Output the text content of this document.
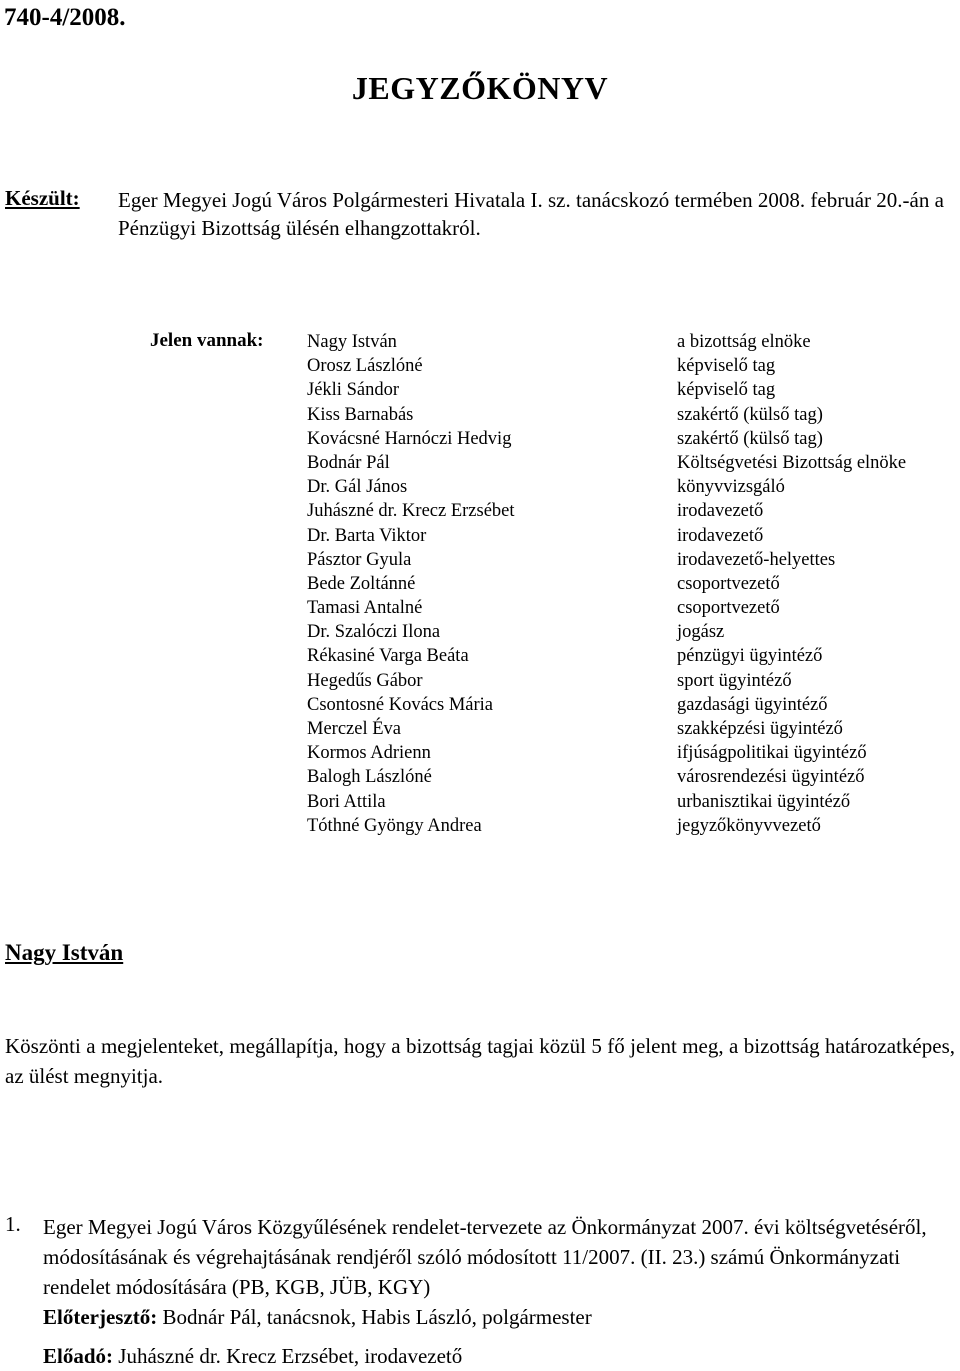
740-4/2008.
JEGYZŐKÖNYV
Készült: Eger Megyei Jogú Város Polgármesteri Hivatala I. sz. tanácskozó termében 2008. február 20.-án a Pénzügyi Bizottság ülésén elhangzottakról.
Jelen vannak: Nagy István
Orosz Lászlóné
Jékli Sándor
Kiss Barnabás
Kovácsné Harnóczi Hedvig
Bodnár Pál
Dr. Gál János
Juhászné dr. Krecz Erzsébet
Dr. Barta Viktor
Pásztor Gyula
Bede Zoltánné
Tamasi Antalné
Dr. Szalóczi Ilona
Rékasiné Varga Beáta
Hegedűs Gábor
Csontosné Kovács Mária
Merczel Éva
Kormos Adrienn
Balogh Lászlóné
Bori Attila
Tóthné Gyöngy Andrea
a bizottság elnöke
képviselő tag
képviselő tag
szakértő (külső tag)
szakértő (külső tag)
Költségvetési Bizottság elnöke
könyvvizsgáló
irodavezető
irodavezető
irodavezető-helyettes
csoportvezető
csoportvezető
jogász
pénzügyi ügyintéző
sport ügyintéző
gazdasági ügyintéző
szakképzési ügyintéző
ifjúságpolitikai ügyintéző
városrendezési ügyintéző
urbanisztikai ügyintéző
jegyzőkönyvvezető
Nagy István
Köszönti a megjelenteket, megállapítja, hogy a bizottság tagjai közül 5 fő jelent meg, a bizottság határozatképes, az ülést megnyitja.
1. Eger Megyei Jogú Város Közgyűlésének rendelet-tervezete az Önkormányzat 2007. évi költségvetéséről, módosításának és végrehajtásának rendjéről szóló módosított 11/2007. (II. 23.) számú Önkormányzati rendelet módosítására (PB, KGB, JÜB, KGY)
Előterjesztő: Bodnár Pál, tanácsnok, Habis László, polgármester
Előadó: Juhászné dr. Krecz Erzsébet, irodavezető
